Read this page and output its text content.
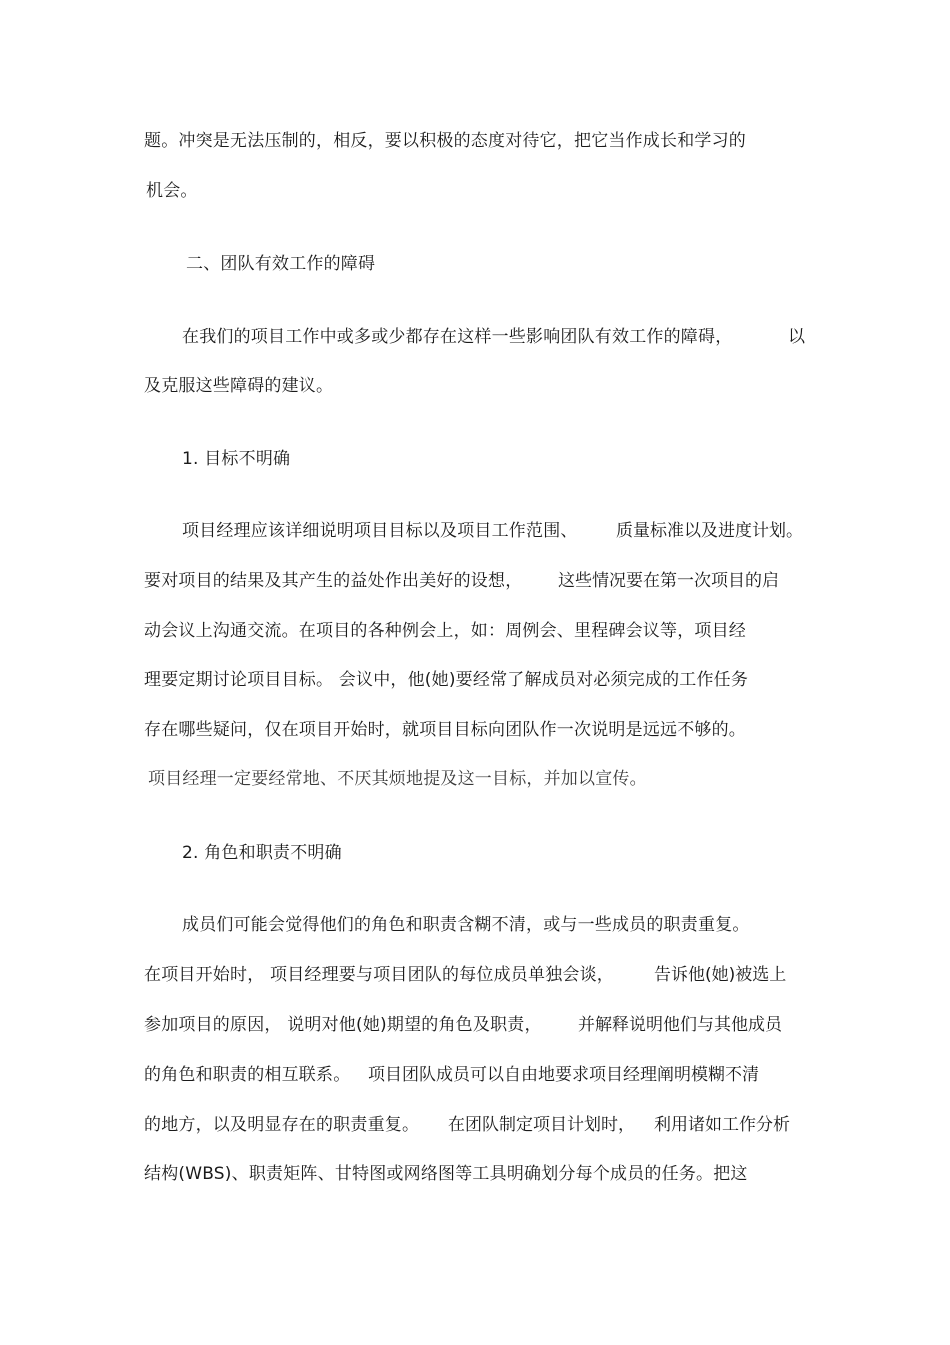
题。冲突是无法压制的，相反，要以积极的态度对待它，把它当作成长和学习的
机会。
二、团队有效工作的障碍
在我们的项目工作中或多或少都存在这样一些影响团队有效工作的障碍，	以
及克服这些障碍的建议。
1. 目标不明确
项目经理应该详细说明项目目标以及项目工作范围、 质量标准以及进度计划。
要对项目的结果及其产生的益处作出美好的设想， 这些情况要在第一次项目的启
动会议上沟通交流。在项目的各种例会上，如：周例会、里程碑会议等，项目经
理要定期讨论项目目标。 会议中，他(她)要经常了解成员对必须完成的工作任务
存在哪些疑问，仅在项目开始时，就项目目标向团队作一次说明是远远不够的。
项目经理一定要经常地、不厌其烦地提及这一目标，并加以宣传。
2. 角色和职责不明确
成员们可能会觉得他们的角色和职责含糊不清，或与一些成员的职责重复。
在项目开始时， 项目经理要与项目团队的每位成员单独会谈， 告诉他(她)被选上
参加项目的原因， 说明对他(她)期望的角色及职责， 并解释说明他们与其他成员
的角色和职责的相互联系。 项目团队成员可以自由地要求项目经理阐明模糊不清
的地方，以及明显存在的职责重复。 在团队制定项目计划时， 利用诸如工作分析
结构(WBS)、职责矩阵、甘特图或网络图等工具明确划分每个成员的任务。把这
